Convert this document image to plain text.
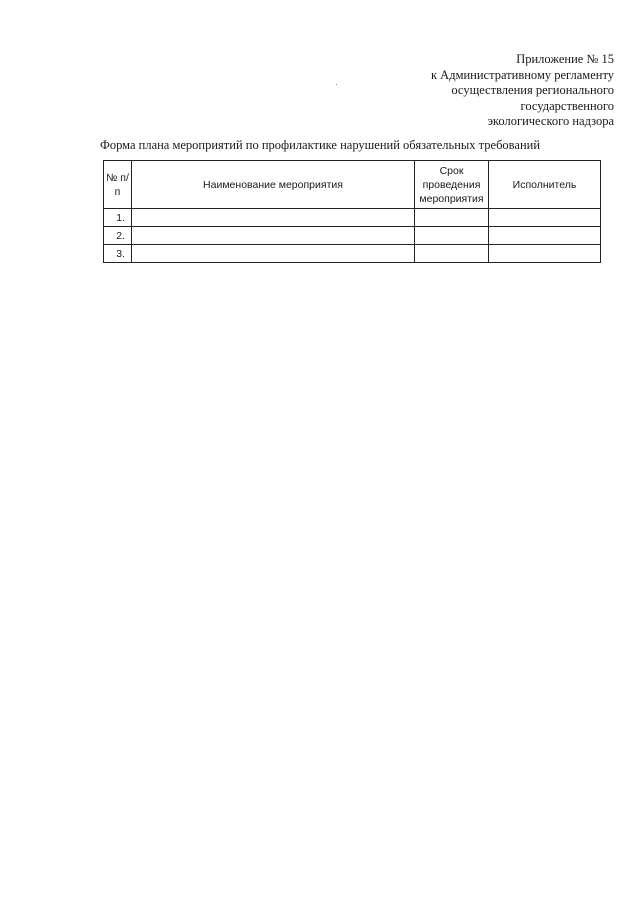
Приложение № 15
к Административному регламенту
осуществления регионального
государственного
экологического надзора
Форма плана мероприятий по профилактике нарушений обязательных требований
№ п/п	Наименование мероприятия	Срок проведения мероприятия	Исполнитель
1.			
2.			
3.			
